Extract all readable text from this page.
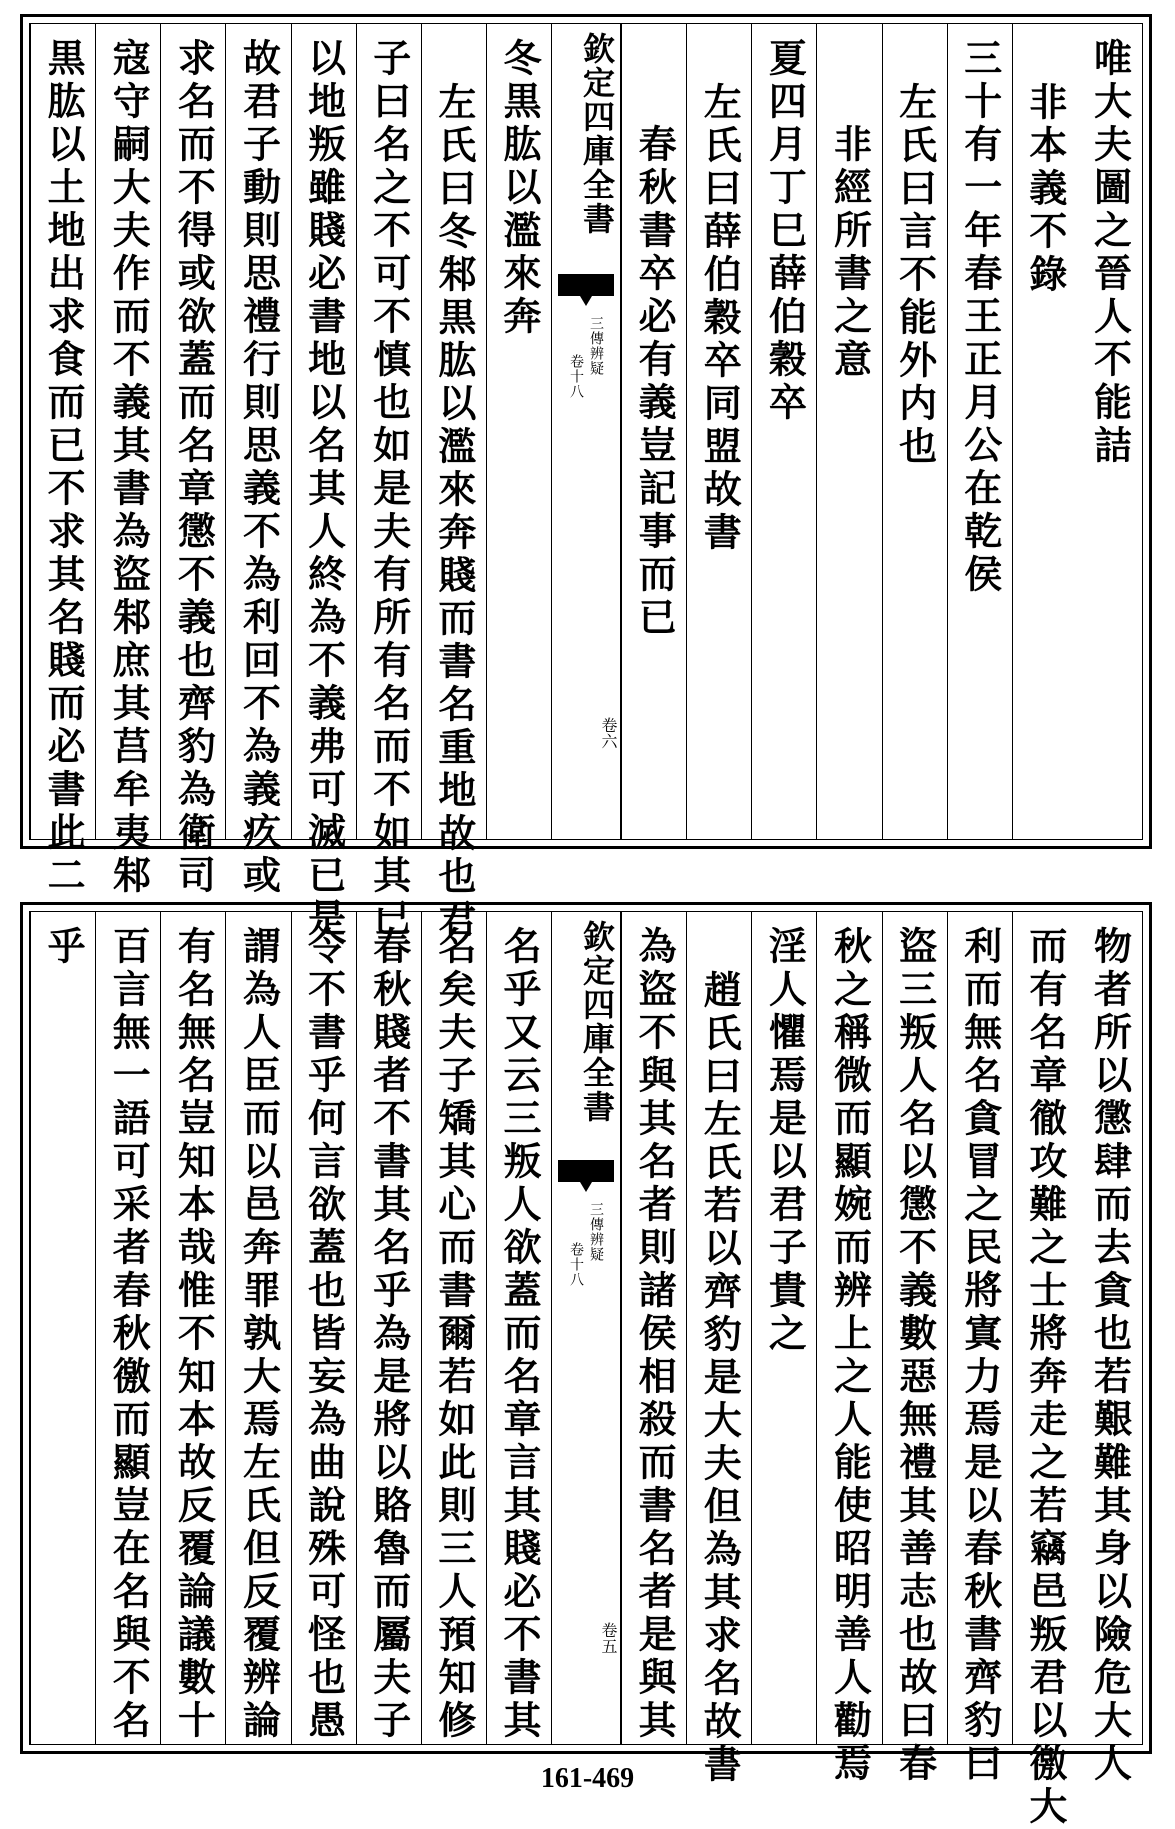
唯大夫圖之晉人不能詰
非本義不錄
三十有一年春王正月公在乾侯
左氏曰言不能外内也
非經所書之意
夏四月丁巳薛伯穀卒
左氏曰薛伯穀卒同盟故書
春秋書卒必有義豈記事而已
冬黒肱以濫來奔
左氏曰冬邾黒肱以濫來奔賤而書名重地故也君
子曰名之不可不慎也如是夫有所有名而不如其已
以地叛雖賤必書地以名其人終為不義弗可滅已是
故君子動則思禮行則思義不為利回不為義疚或
求名而不得或欲蓋而名章懲不義也齊豹為衛司
寇守嗣大夫作而不義其書為盜邾庶其莒牟夷邾
黒肱以土地出求食而已不求其名賤而必書此二	欽定四庫全書
三傳辨疑
卷十八
卷六
物者所以懲肆而去貪也若艱難其身以險危大人
而有名章徹攻難之士將奔走之若竊邑叛君以徼大
利而無名貪冒之民將寘力焉是以春秋書齊豹曰
盜三叛人名以懲不義數惡無禮其善志也故曰春
秋之稱微而顯婉而辨上之人能使昭明善人勸焉
淫人懼焉是以君子貴之
趙氏曰左氏若以齊豹是大夫但為其求名故書
為盜不與其名者則諸侯相殺而書名者是與其
名乎又云三叛人欲蓋而名章言其賤必不書其
名矣夫子矯其心而書爾若如此則三人預知修
春秋賤者不書其名乎為是將以賂魯而屬夫子
令不書乎何言欲蓋也皆妄為曲說殊可怪也愚
謂為人臣而以邑奔罪孰大焉左氏但反覆辨論
有名無名豈知本哉惟不知本故反覆論議數十
百言無一語可采者春秋徼而顯豈在名與不名
乎	欽定四庫全書
三傳辨疑
卷十八
卷五
161-469
